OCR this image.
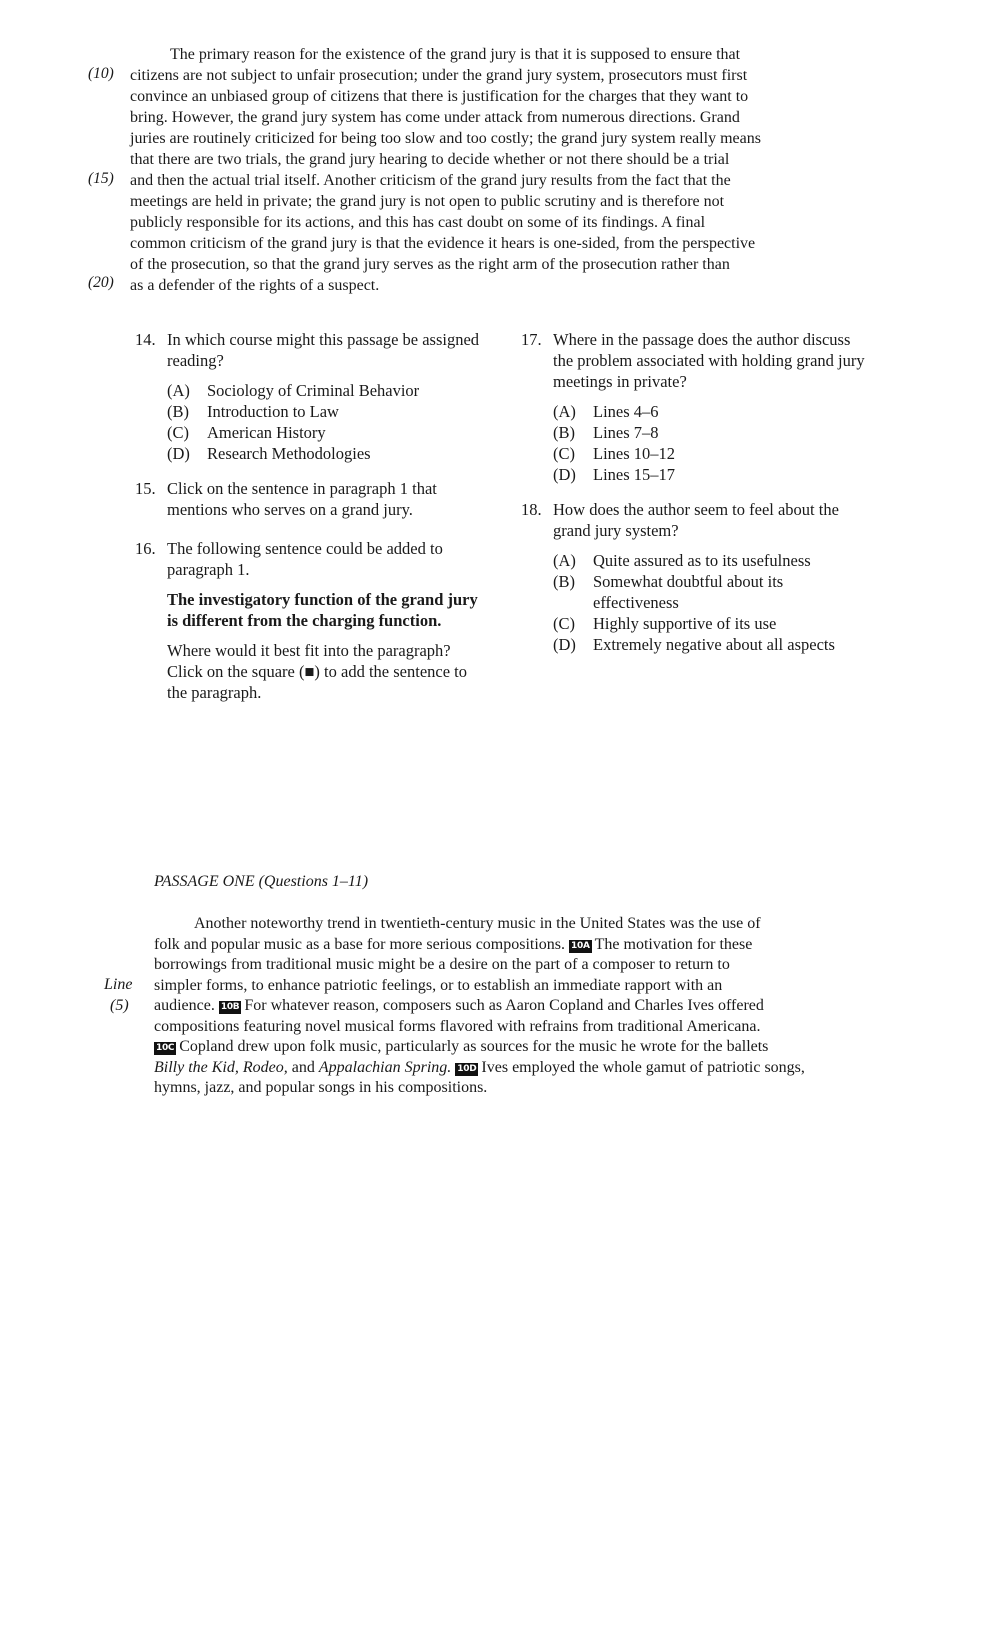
(10)
(15)
(20)
The primary reason for the existence of the grand jury is that it is supposed to ensure that
citizens are not subject to unfair prosecution; under the grand jury system, prosecutors must first
convince an unbiased group of citizens that there is justification for the charges that they want to
bring. However, the grand jury system has come under attack from numerous directions. Grand
juries are routinely criticized for being too slow and too costly; the grand jury system really means
that there are two trials, the grand jury hearing to decide whether or not there should be a trial
and then the actual trial itself. Another criticism of the grand jury results from the fact that the
meetings are held in private; the grand jury is not open to public scrutiny and is therefore not
publicly responsible for its actions, and this has cast doubt on some of its findings. A final
common criticism of the grand jury is that the evidence it hears is one-sided, from the perspective
of the prosecution, so that the grand jury serves as the right arm of the prosecution rather than
as a defender of the rights of a suspect.
14. In which course might this passage be assigned reading?
(A) Sociology of Criminal Behavior
(B) Introduction to Law
(C) American History
(D) Research Methodologies
15. Click on the sentence in paragraph 1 that mentions who serves on a grand jury.
16. The following sentence could be added to paragraph 1.
The investigatory function of the grand jury is different from the charging function.
Where would it best fit into the paragraph? Click on the square (■) to add the sentence to the paragraph.
17. Where in the passage does the author discuss the problem associated with holding grand jury meetings in private?
(A) Lines 4–6
(B) Lines 7–8
(C) Lines 10–12
(D) Lines 15–17
18. How does the author seem to feel about the grand jury system?
(A) Quite assured as to its usefulness
(B) Somewhat doubtful about its effectiveness
(C) Highly supportive of its use
(D) Extremely negative about all aspects
PASSAGE ONE (Questions 1–11)
Line
(5)
Another noteworthy trend in twentieth-century music in the United States was the use of
folk and popular music as a base for more serious compositions. 10A The motivation for these
borrowings from traditional music might be a desire on the part of a composer to return to
simpler forms, to enhance patriotic feelings, or to establish an immediate rapport with an
audience. 10B For whatever reason, composers such as Aaron Copland and Charles Ives offered
compositions featuring novel musical forms flavored with refrains from traditional Americana.
10C Copland drew upon folk music, particularly as sources for the music he wrote for the ballets
Billy the Kid, Rodeo, and Appalachian Spring. 10D Ives employed the whole gamut of patriotic songs,
hymns, jazz, and popular songs in his compositions.
